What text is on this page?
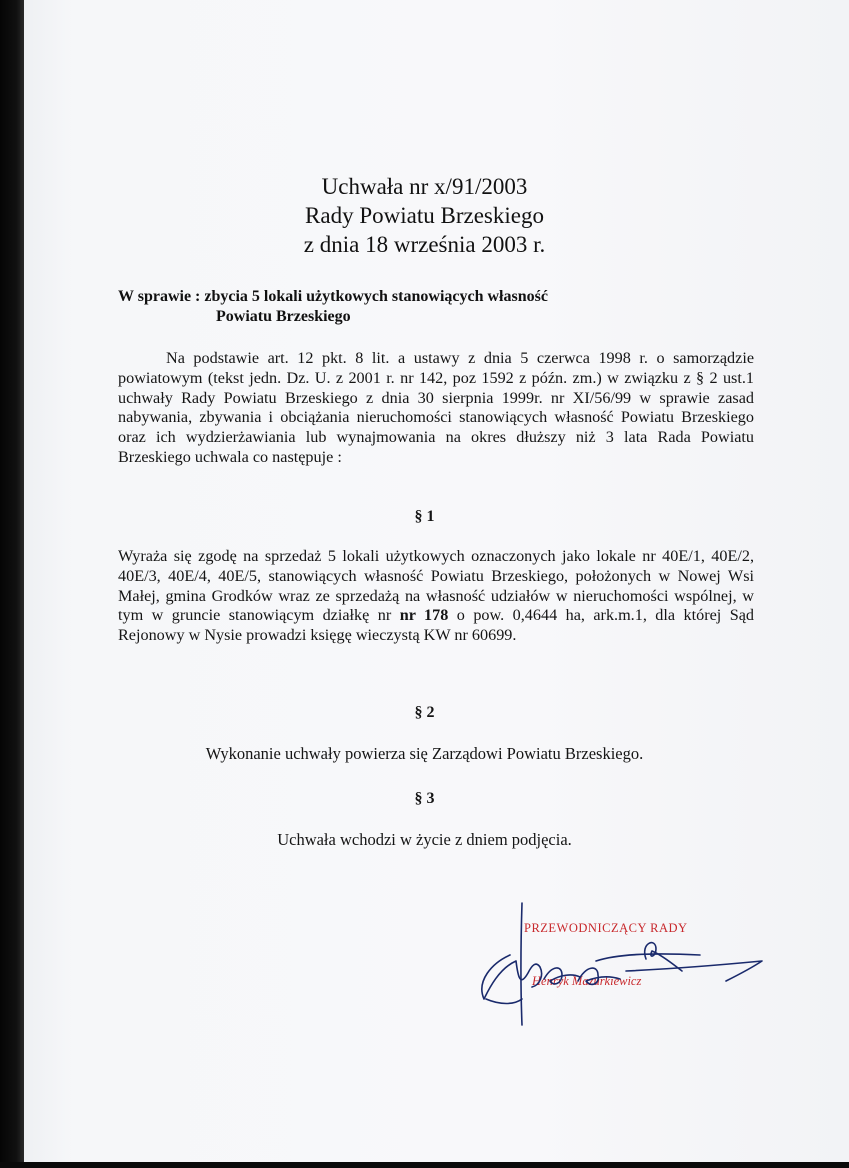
Uchwała nr x/91/2003
Rady Powiatu Brzeskiego
z dnia 18 września 2003 r.
W sprawie : zbycia 5 lokali użytkowych stanowiących własność
Powiatu Brzeskiego
Na podstawie art. 12 pkt. 8 lit. a ustawy z dnia 5 czerwca 1998 r. o samorządzie powiatowym (tekst jedn. Dz. U. z 2001 r. nr 142, poz 1592 z późn. zm.) w związku z § 2 ust.1 uchwały Rady Powiatu Brzeskiego z dnia 30 sierpnia 1999r. nr XI/56/99 w sprawie zasad nabywania, zbywania i obciążania nieruchomości stanowiących własność Powiatu Brzeskiego oraz ich wydzierżawiania lub wynajmowania na okres dłuższy niż 3 lata Rada Powiatu Brzeskiego uchwala co następuje :
§ 1
Wyraża się zgodę na sprzedaż 5 lokali użytkowych oznaczonych jako lokale nr 40E/1, 40E/2, 40E/3, 40E/4, 40E/5, stanowiących własność Powiatu Brzeskiego, położonych w Nowej Wsi Małej, gmina Grodków wraz ze sprzedażą na własność udziałów w nieruchomości wspólnej, w tym w gruncie stanowiącym działkę nr nr 178 o pow. 0,4644 ha, ark.m.1, dla której Sąd Rejonowy w Nysie prowadzi księgę wieczystą KW nr 60699.
§ 2
Wykonanie uchwały powierza się Zarządowi Powiatu Brzeskiego.
§ 3
Uchwała wchodzi w życie z dniem podjęcia.
PRZEWODNICZĄCY RADY
Henryk Mazurkiewicz
